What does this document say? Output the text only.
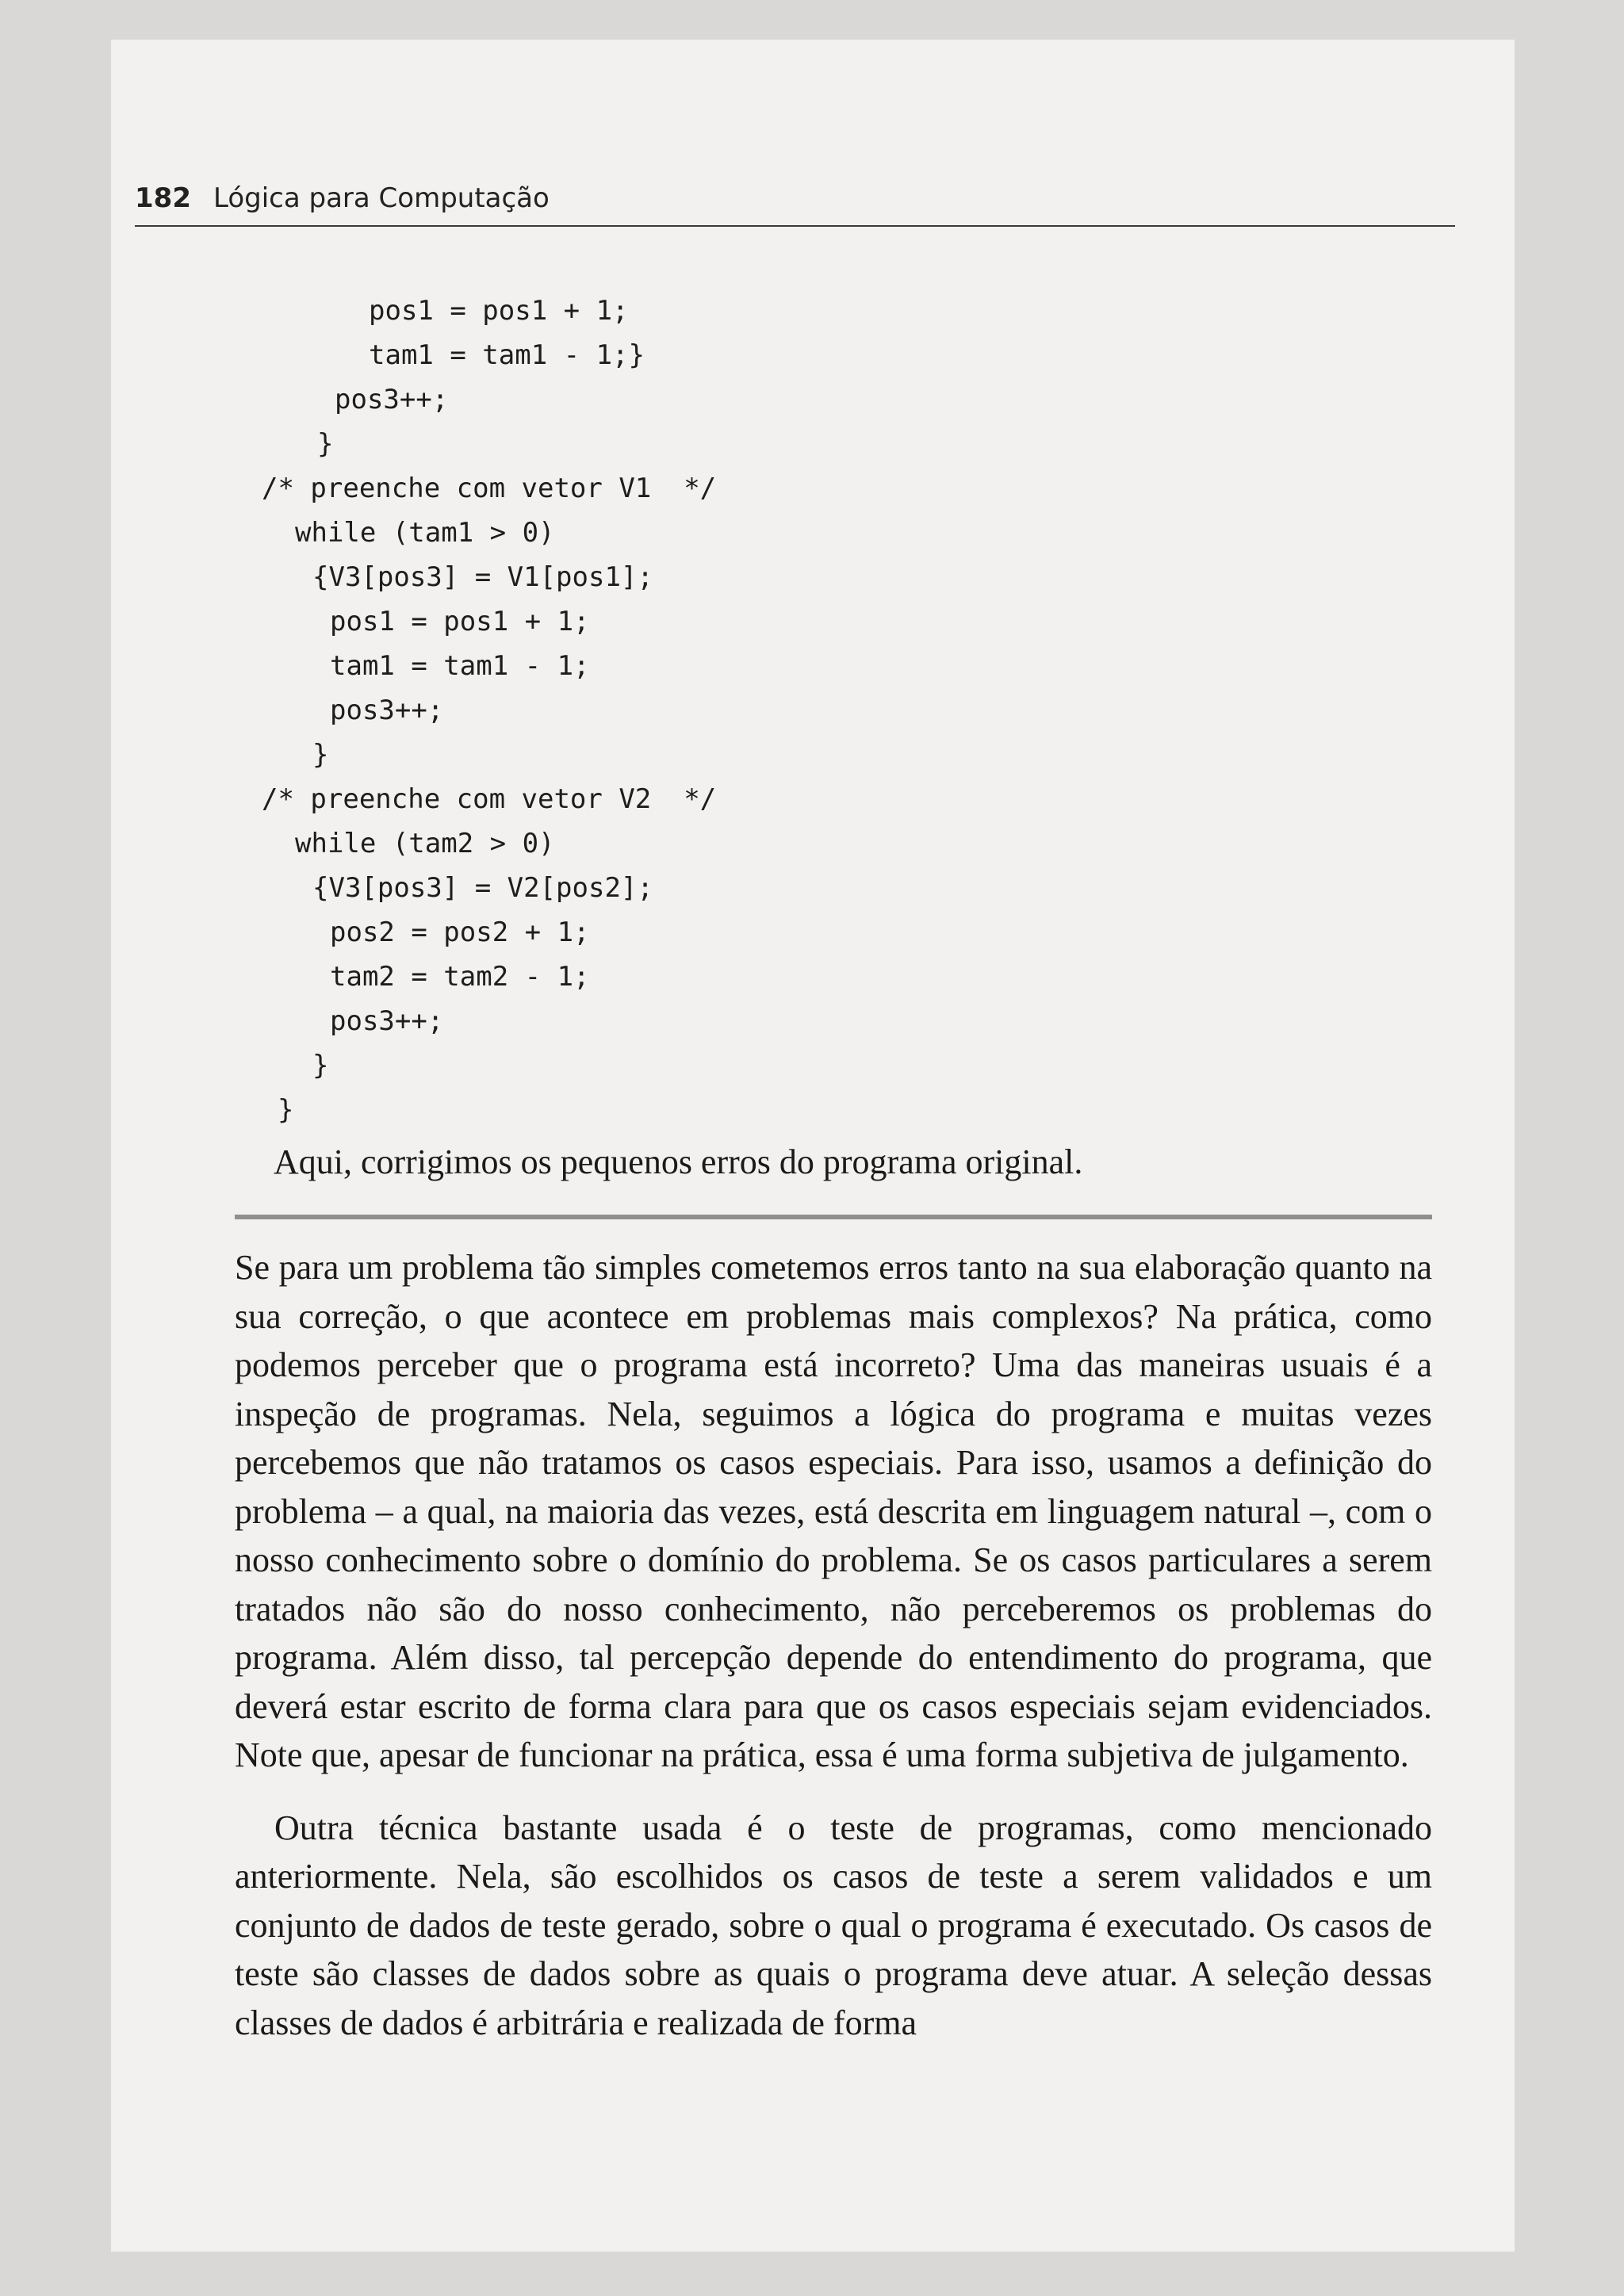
182 Lógica para Computação

pos1 = pos1 + 1;

tam1 = tam1 - 1;}

pos3++;

}

/* preenche com vetor V1  */

while (tam1 > 0)

{V3[pos3] = V1[pos1];

pos1 = pos1 + 1;

tam1 = tam1 - 1;

pos3++;

}

/* preenche com vetor V2  */

while (tam2 > 0)

{V3[pos3] = V2[pos2];

pos2 = pos2 + 1;

tam2 = tam2 - 1;

pos3++;

}

}

Aqui, corrigimos os pequenos erros do programa original.

Se para um problema tão simples cometemos erros tanto na sua elaboração quanto na sua correção, o que acontece em problemas mais complexos? Na prática, como podemos perceber que o programa está incorreto? Uma das maneiras usuais é a inspeção de programas. Nela, seguimos a lógica do programa e muitas vezes percebemos que não tratamos os casos especiais. Para isso, usamos a definição do problema – a qual, na maioria das vezes, está descrita em linguagem natural –, com o nosso conhecimento sobre o domínio do problema. Se os casos particulares a serem tratados não são do nosso conhecimento, não perceberemos os problemas do programa. Além disso, tal percepção depende do entendimento do programa, que deverá estar escrito de forma clara para que os casos especiais sejam evidenciados. Note que, apesar de funcionar na prática, essa é uma forma subjetiva de julgamento.

Outra técnica bastante usada é o teste de programas, como mencionado anteriormente. Nela, são escolhidos os casos de teste a serem validados e um conjunto de dados de teste gerado, sobre o qual o programa é executado. Os casos de teste são classes de dados sobre as quais o programa deve atuar. A seleção dessas classes de dados é arbitrária e realizada de forma
